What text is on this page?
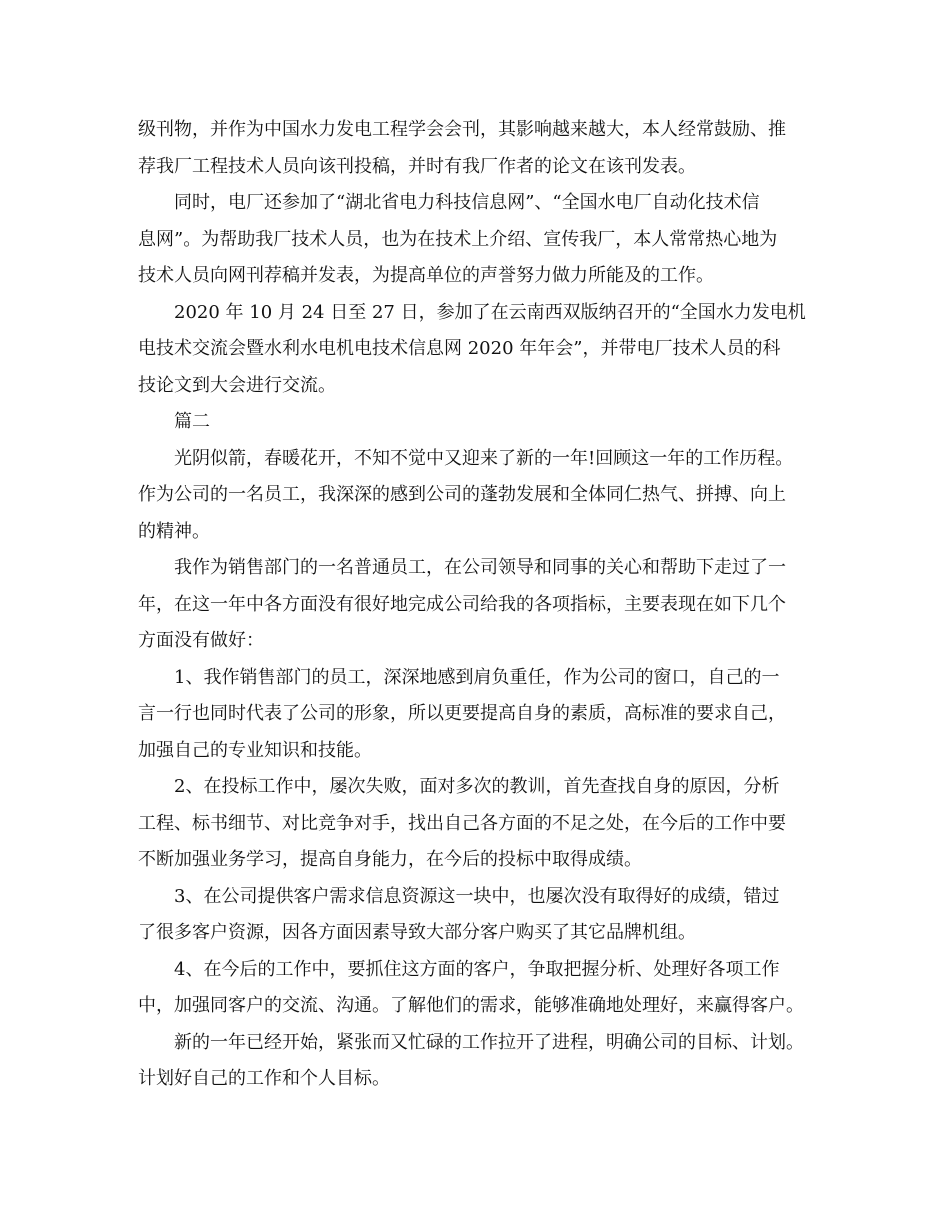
级刊物，并作为中国水力发电工程学会会刊，其影响越来越大，本人经常鼓励、推
荐我厂工程技术人员向该刊投稿，并时有我厂作者的论文在该刊发表。
同时，电厂还参加了“湖北省电力科技信息网”、“全国水电厂自动化技术信
息网”。为帮助我厂技术人员，也为在技术上介绍、宣传我厂，本人常常热心地为
技术人员向网刊荐稿并发表，为提高单位的声誉努力做力所能及的工作。
2020 年 10 月 24 日至 27 日，参加了在云南西双版纳召开的“全国水力发电机
电技术交流会暨水利水电机电技术信息网 2020 年年会”，并带电厂技术人员的科
技论文到大会进行交流。
篇二
光阴似箭，春暖花开，不知不觉中又迎来了新的一年!回顾这一年的工作历程。
作为公司的一名员工，我深深的感到公司的蓬勃发展和全体同仁热气、拼搏、向上
的精神。
我作为销售部门的一名普通员工，在公司领导和同事的关心和帮助下走过了一
年，在这一年中各方面没有很好地完成公司给我的各项指标，主要表现在如下几个
方面没有做好：
1、我作销售部门的员工，深深地感到肩负重任，作为公司的窗口，自己的一
言一行也同时代表了公司的形象，所以更要提高自身的素质，高标准的要求自己，
加强自己的专业知识和技能。
2、在投标工作中，屡次失败，面对多次的教训，首先查找自身的原因，分析
工程、标书细节、对比竞争对手，找出自己各方面的不足之处，在今后的工作中要
不断加强业务学习，提高自身能力，在今后的投标中取得成绩。
3、在公司提供客户需求信息资源这一块中，也屡次没有取得好的成绩，错过
了很多客户资源，因各方面因素导致大部分客户购买了其它品牌机组。
4、在今后的工作中，要抓住这方面的客户，争取把握分析、处理好各项工作
中，加强同客户的交流、沟通。了解他们的需求，能够准确地处理好，来赢得客户。
新的一年已经开始，紧张而又忙碌的工作拉开了进程，明确公司的目标、计划。
计划好自己的工作和个人目标。
